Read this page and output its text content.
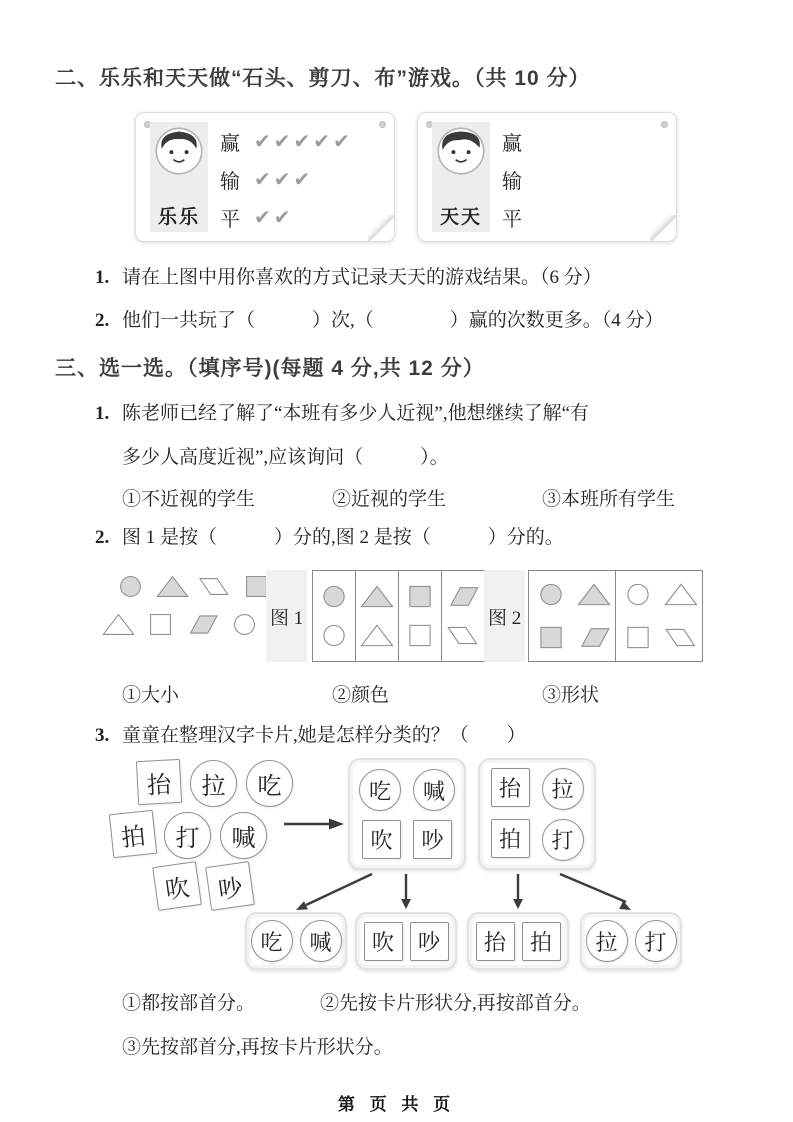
二、乐乐和天天做“石头、剪刀、布”游戏。（共 10 分）
乐乐
赢 ✔✔✔✔✔
输 ✔✔✔
平 ✔✔	天天
赢
输
平
1. 请在上图中用你喜欢的方式记录天天的游戏结果。（6 分）
2. 他们一共玩了（　　　）次,（　　　　）赢的次数更多。（4 分）
三、选一选。（填序号)(每题 4 分,共 12 分）
1. 陈老师已经了解了“本班有多少人近视”,他想继续了解“有
多少人高度近视”,应该询问（　　　）。
①不近视的学生	②近视的学生	③本班所有学生
2. 图 1 是按（　　　）分的,图 2 是按（　　　）分的。
图 1	图 2
①大小	②颜色	③形状
3. 童童在整理汉字卡片,她是怎样分类的？（　　）
抬	拉	吃
拍	打	喊
吹	吵
吃	喊
吹	吵
抬	拉
拍	打
吃	喊	吹	吵	抬	拍	拉	打
①都按部首分。	②先按卡片形状分,再按部首分。
③先按部首分,再按卡片形状分。
第 页 共 页
